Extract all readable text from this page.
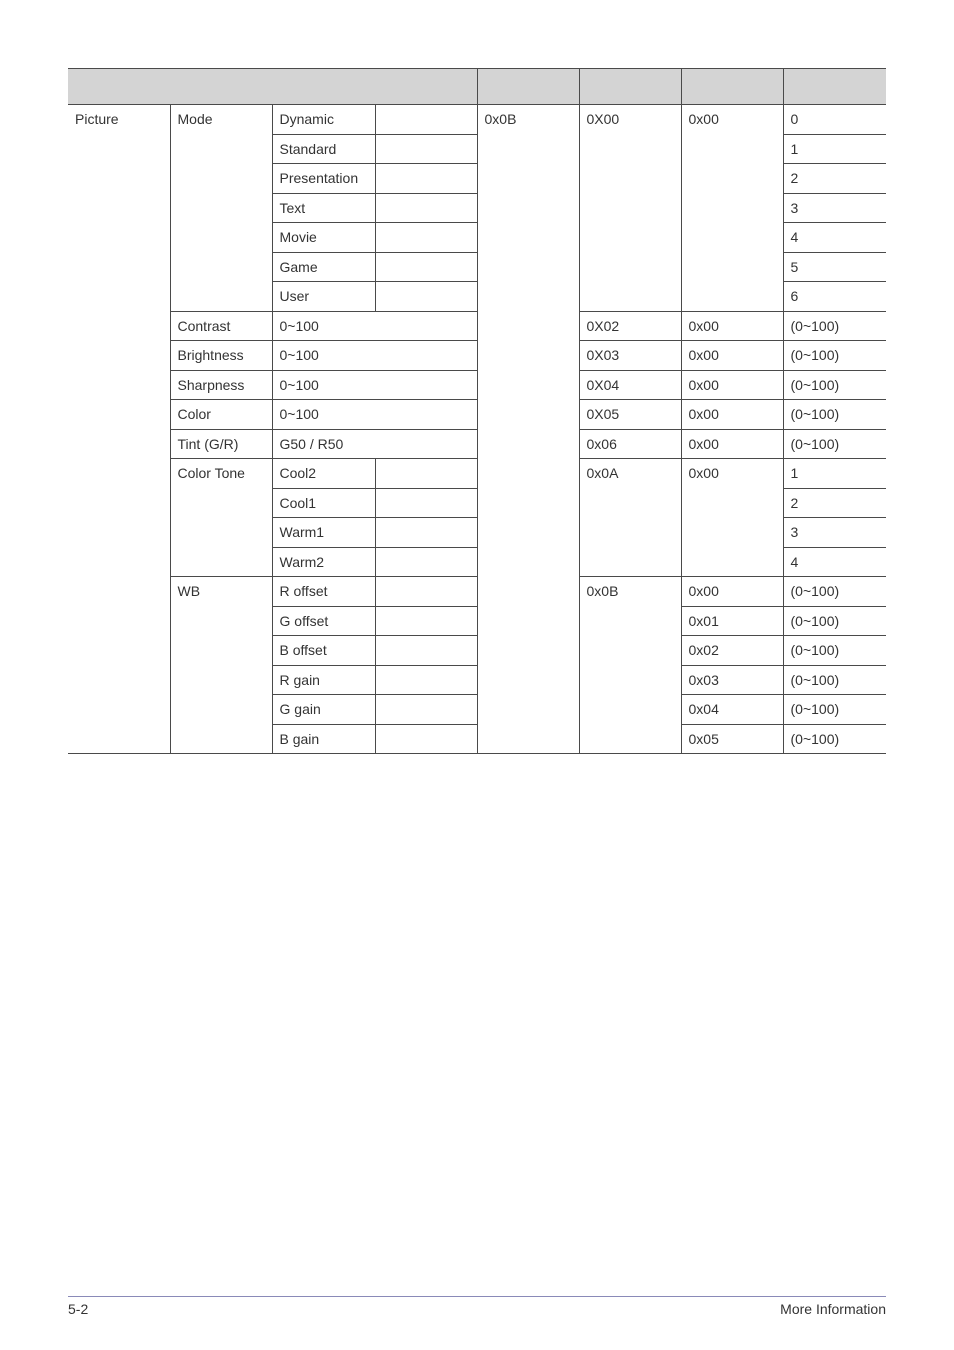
Picture	Mode	Dynamic		0x0B	0X00	0x00	0
		Standard					1
		Presentation					2
		Text					3
		Movie					4
		Game					5
		User					6
	Contrast	0~100			0X02	0x00	(0~100)
	Brightness	0~100			0X03	0x00	(0~100)
	Sharpness	0~100			0X04	0x00	(0~100)
	Color	0~100			0X05	0x00	(0~100)
	Tint (G/R)	G50 / R50			0x06	0x00	(0~100)
	Color Tone	Cool2			0x0A	0x00	1
		Cool1					2
		Warm1					3
		Warm2					4
	WB	R offset			0x0B	0x00	(0~100)
		G offset				0x01	(0~100)
		B offset				0x02	(0~100)
		R gain				0x03	(0~100)
		G gain				0x04	(0~100)
		B gain				0x05	(0~100)
5-2	More Information
